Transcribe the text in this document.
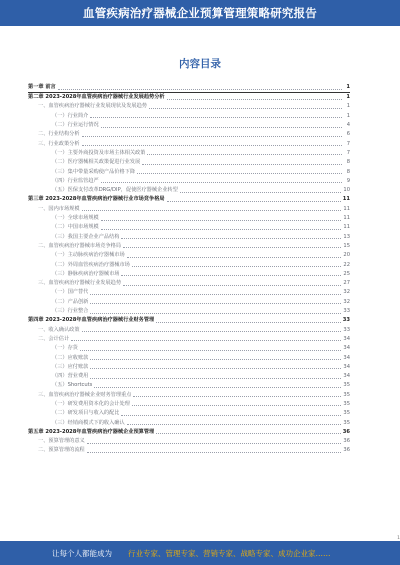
血管疾病治疗器械企业预算管理策略研究报告
内容目录
第一章 前言	1
第二章 2023-2028年血管疾病治疗器械行业发展趋势分析	1
一、血管疾病治疗器械行业发展现状及发展趋势	1
（一）行业简介	1
（二）行业运行情况	4
二、行业结构分析	6
三、行业政策分析	7
（一）主要外商投资及市场主体相关政策	7
（二）医疗器械相关政策促进行业发展	8
（三）集中带量采购使产品价格下降	8
（四）行业监管趋严	9
（五）医保支付改革DRG/DIP，促使医疗器械企业转型	10
第三章 2023-2028年血管疾病治疗器械行业市场竞争格局	11
一、国内市场规模	11
（一）全球市场规模	11
（二）中国市场规模	11
（三）我国主要企业产品结构	13
二、血管疾病治疗器械市场竞争格局	15
（一）主动脉疾病治疗器械市场	20
（二）外周血管疾病治疗器械市场	22
（三）静脉疾病治疗器械市场	25
三、血管疾病治疗器械行业发展趋势	27
（一）国产替代	32
（二）产品创新	32
（三）行业整合	33
第四章 2023-2028年血管疾病治疗器械行业财务管理	33
一、收入确认政策	33
二、会计估计	34
（一）存货	34
（二）应收账款	34
（三）应付账款	34
（四）营业费用	34
（五）Shortcuts	35
三、血管疾病治疗器械企业财务管理重点	35
（一）研发费用资本化的会计处理	35
（二）研发项目与收入的配比	35
（三）经销商模式下的收入确认	35
第五章 2023-2028年血管疾病治疗器械企业预算管理	36
一、预算管理的意义	36
二、预算管理的流程	36
1
让每个人都能成为 行业专家、管理专家、营销专家、战略专家、成功企业家……
